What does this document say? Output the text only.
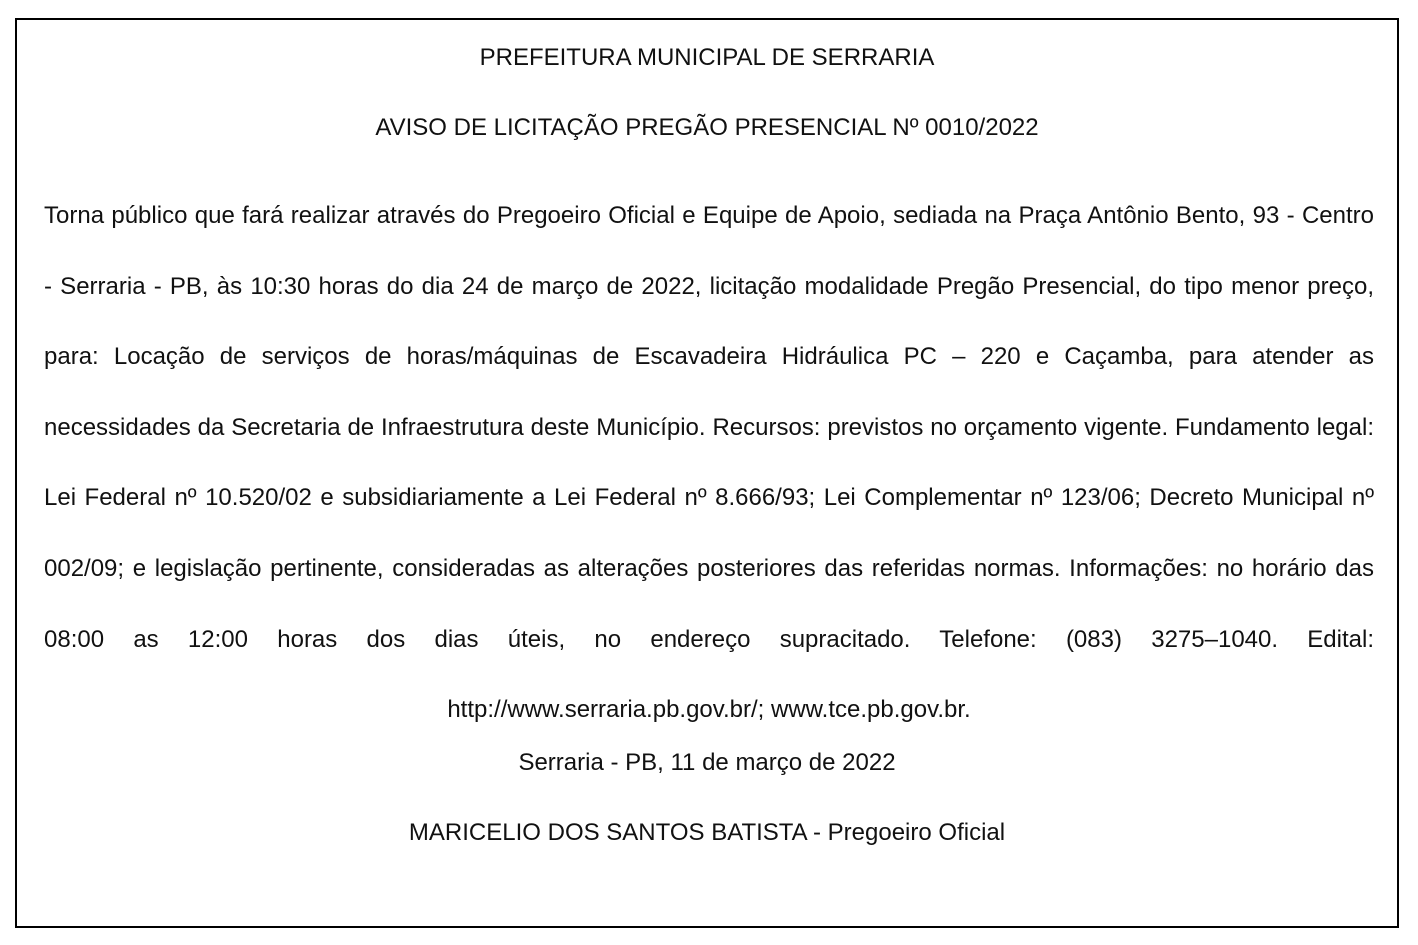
PREFEITURA MUNICIPAL DE SERRARIA
AVISO DE LICITAÇÃO PREGÃO PRESENCIAL Nº 0010/2022
Torna público que fará realizar através do Pregoeiro Oficial e Equipe de Apoio, sediada na Praça Antônio Bento, 93 - Centro - Serraria - PB, às 10:30 horas do dia 24 de março de 2022, licitação modalidade Pregão Presencial, do tipo menor preço, para: Locação de serviços de horas/máquinas de Escavadeira Hidráulica PC – 220 e Caçamba, para atender as necessidades da Secretaria de Infraestrutura deste Município. Recursos: previstos no orçamento vigente. Fundamento legal: Lei Federal nº 10.520/02 e subsidiariamente a Lei Federal nº 8.666/93; Lei Complementar nº 123/06; Decreto Municipal nº 002/09; e legislação pertinente, consideradas as alterações posteriores das referidas normas. Informações: no horário das 08:00 as 12:00 horas dos dias úteis, no endereço supracitado. Telefone: (083) 3275–1040. Edital: http://www.serraria.pb.gov.br/; www.tce.pb.gov.br.
Serraria - PB, 11 de março de 2022
MARICELIO DOS SANTOS BATISTA - Pregoeiro Oficial
